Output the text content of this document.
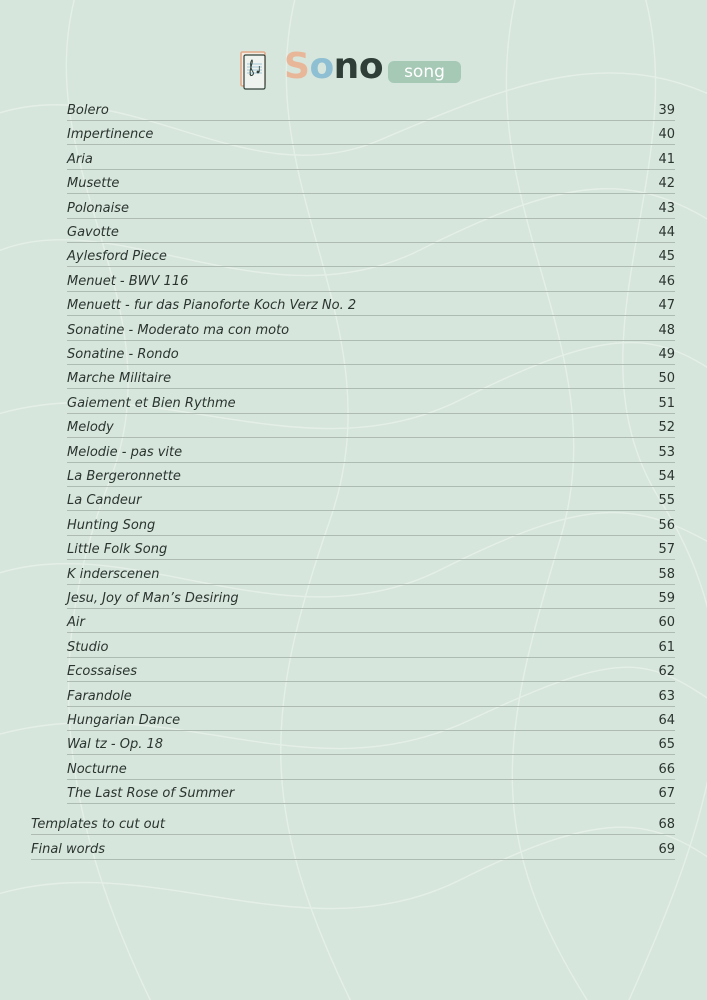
Sono	song
Bolero	39
Impertinence	40
Aria	41
Musette	42
Polonaise	43
Gavotte	44
Aylesford Piece	45
Menuet - BWV 116	46
Menuett - fur das Pianoforte Koch Verz No. 2	47
Sonatine - Moderato ma con moto	48
Sonatine - Rondo	49
Marche Militaire	50
Gaiement et Bien Rythme	51
Melody	52
Melodie - pas vite	53
La Bergeronnette	54
La Candeur	55
Hunting Song	56
Little Folk Song	57
K inderscenen	58
Jesu, Joy of Man’s Desiring	59
Air	60
Studio	61
Ecossaises	62
Farandole	63
Hungarian Dance	64
Wal tz - Op. 18	65
Nocturne	66
The Last Rose of Summer	67
Templates to cut out	68
Final words	69
